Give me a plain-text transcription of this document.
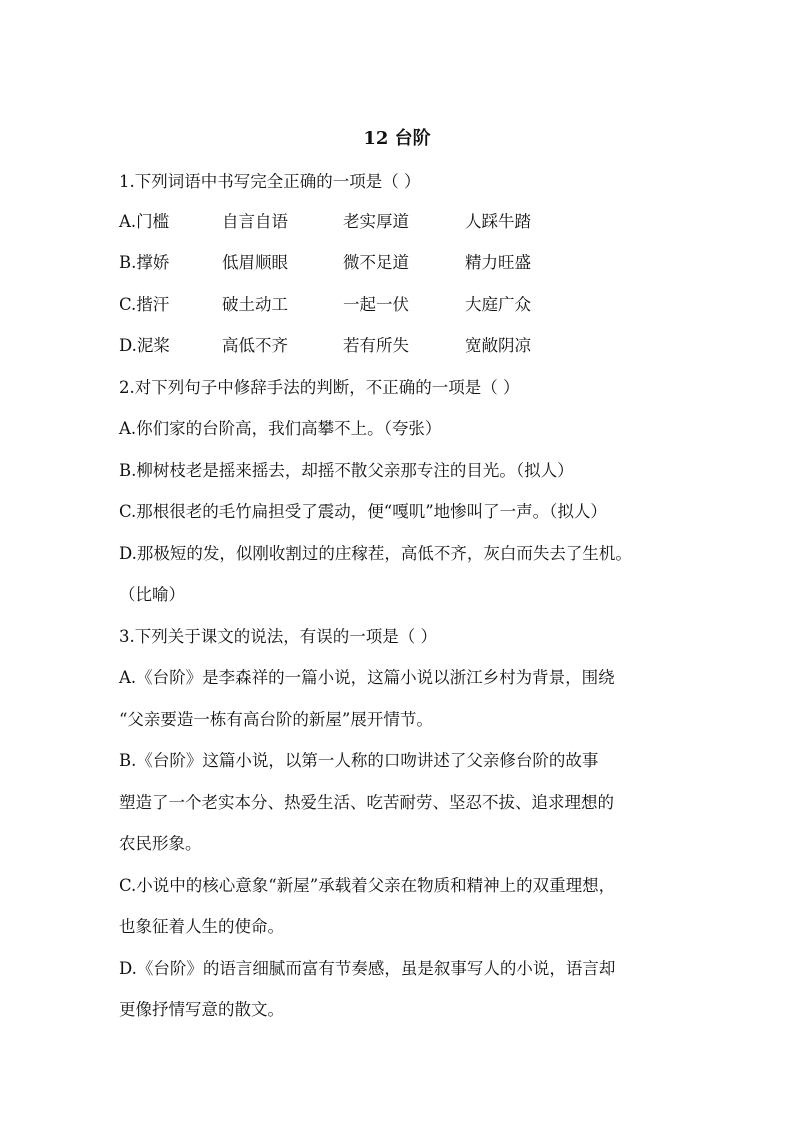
12 台阶
1.下列词语中书写完全正确的一项是（ ）
A.门槛	自言自语	老实厚道	人踩牛踏
B.撑娇	低眉顺眼	微不足道	精力旺盛
C.揩汗	破土动工	一起一伏	大庭广众
D.泥桨	高低不齐	若有所失	宽敞阴凉
2.对下列句子中修辞手法的判断，不正确的一项是（ ）
A.你们家的台阶高，我们高攀不上。（夸张）
B.柳树枝老是摇来摇去，却摇不散父亲那专注的目光。（拟人）
C.那根很老的毛竹扁担受了震动，便“嘎叽”地惨叫了一声。（拟人）
D.那极短的发，似刚收割过的庄稼茬，高低不齐，灰白而失去了生机。
（比喻）
3.下列关于课文的说法，有误的一项是（ ）
A.《台阶》是李森祥的一篇小说，这篇小说以浙江乡村为背景，围绕
“父亲要造一栋有高台阶的新屋”展开情节。
B.《台阶》这篇小说，以第一人称的口吻讲述了父亲修台阶的故事
塑造了一个老实本分、热爱生活、吃苦耐劳、坚忍不拔、追求理想的
农民形象。
C.小说中的核心意象“新屋”承载着父亲在物质和精神上的双重理想，
也象征着人生的使命。
D.《台阶》的语言细腻而富有节奏感，虽是叙事写人的小说，语言却
更像抒情写意的散文。
